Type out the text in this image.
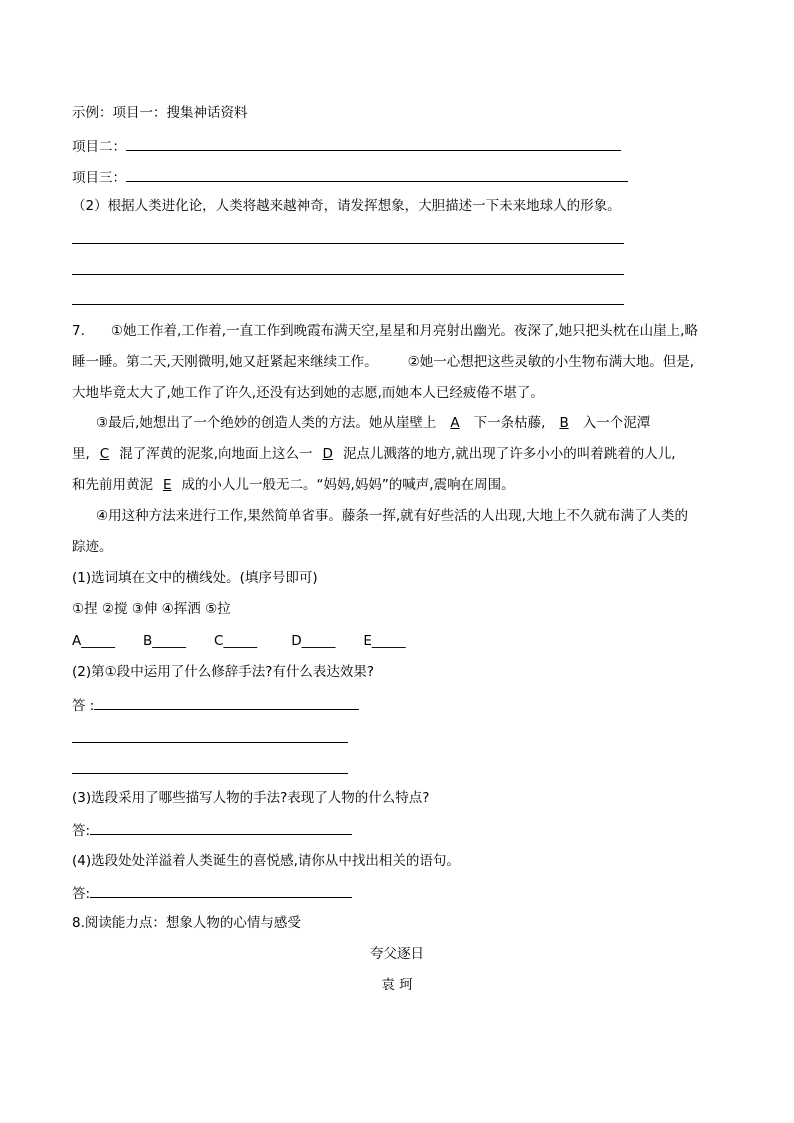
示例：项目一：搜集神话资料
项目二：
项目三：
（2）根据人类进化论，人类将越来越神奇，请发挥想象，大胆描述一下未来地球人的形象。
7. ①她工作着,工作着,一直工作到晚霞布满天空,星星和月亮射出幽光。夜深了,她只把头枕在山崖上,略
睡一睡。第二天,天刚微明,她又赶紧起来继续工作。 ②她一心想把这些灵敏的小生物布满大地。但是,
大地毕竟太大了,她工作了许久,还没有达到她的志愿,而她本人已经疲倦不堪了。
③最后,她想出了一个绝妙的创造人类的方法。她从崖壁上 A 下一条枯藤, B 入一个泥潭
里, C 混了浑黄的泥浆,向地面上这么一 D 泥点儿溅落的地方,就出现了许多小小的叫着跳着的人儿,
和先前用黄泥 E 成的小人儿一般无二。“妈妈,妈妈”的喊声,震响在周围。
④用这种方法来进行工作,果然简单省事。藤条一挥,就有好些活的人出现,大地上不久就布满了人类的
踪迹。
(1)选词填在文中的横线处。(填序号即可)
①捏 ②搅 ③伸 ④挥洒 ⑤拉
A_____ B_____ C_____	D_____ E_____
(2)第①段中运用了什么修辞手法?有什么表达效果?
答 :
(3)选段采用了哪些描写人物的手法?表现了人物的什么特点?
答:
(4)选段处处洋溢着人类诞生的喜悦感,请你从中找出相关的语句。
答:
8.阅读能力点：想象人物的心情与感受
夸父逐日
袁 珂
